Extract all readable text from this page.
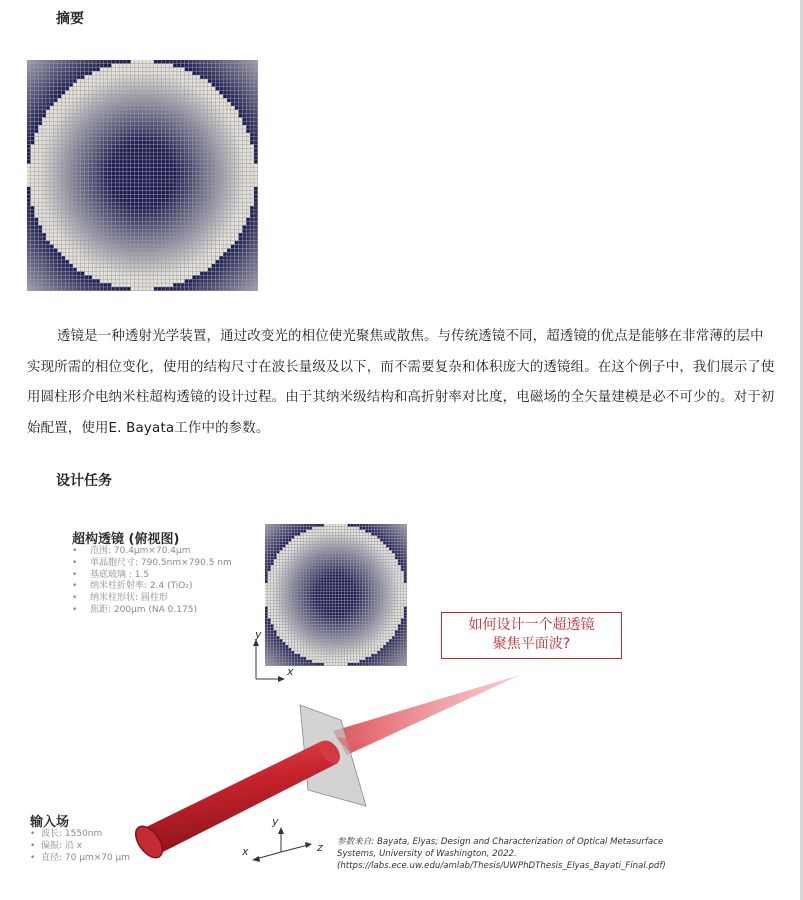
摘要

透镜是一种透射光学装置，通过改变光的相位使光聚焦或散焦。与传统透镜不同，超透镜的优点是能够在非常薄的层中实现所需的相位变化，使用的结构尺寸在波长量级及以下，而不需要复杂和体积庞大的透镜组。在这个例子中，我们展示了使用圆柱形介电纳米柱超构透镜的设计过程。由于其纳米级结构和高折射率对比度，电磁场的全矢量建模是必不可少的。对于初始配置，使用E. Bayata工作中的参数。

设计任务
超构透镜 (俯视图)
• 范围: 70.4μm×70.4μm
• 单晶胞尺寸: 790.5nm×790.5 nm
• 基底玻璃 : 1.5
• 纳米柱折射率: 2.4 (TiO₂)
• 纳米柱形状: 圆柱形
• 焦距: 200μm (NA 0.175)
y
x
如何设计一个超透镜
聚焦平面波?
输入场
• 波长: 1550nm
• 偏振: 沿 x
• 直径: 70 μm×70 μm
y
x	z 参数来自: Bayata, Elyas; Design and Characterization of Optical Metasurface
Systems, University of Washington, 2022.
(https://labs.ece.uw.edu/amlab/Thesis/UWPhDThesis_Elyas_Bayati_Final.pdf)
